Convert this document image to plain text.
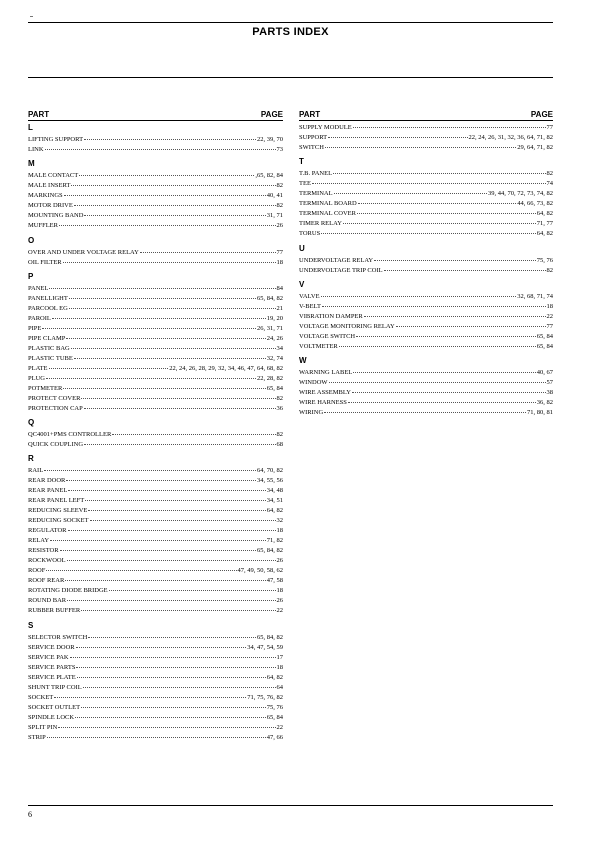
PARTS INDEX
PART	PAGE
L
LIFTING SUPPORT	22, 39, 70
LINK	73
M
MALE CONTACT	,65, 82, 84
MALE INSERT	82
MARKINGS	40, 41
MOTOR DRIVE	82
MOUNTING BAND	31, 71
MUFFLER	26
O
OVER AND UNDER VOLTAGE RELAY	77
OIL FILTER	18
P
PANEL	84
PANELLIGHT	65, 84, 82
PARCOOL EG	21
PAROIL	19, 20
PIPE	26, 31, 71
PIPE CLAMP	24, 26
PLASTIC BAG	34
PLASTIC TUBE	32, 74
PLATE	22, 24, 26, 28, 29, 32, 34, 46, 47, 64, 68, 82
PLUG	22, 28, 82
POTMETER	65, 84
PROTECT COVER	82
PROTECTION CAP	36
Q
QC4001+PMS CONTROLLER	82
QUICK COUPLING	68
R
RAIL	64, 70, 82
REAR DOOR	34, 55, 56
REAR PANEL	34, 48
REAR PANEL LEFT	34, 51
REDUCING SLEEVE	64, 82
REDUCING SOCKET	32
REGULATOR	18
RELAY	71, 82
RESISTOR	65, 84, 82
ROCKWOOL	26
ROOF	47, 49, 50, 58, 62
ROOF REAR	47, 58
ROTATING DIODE BRIDGE	18
ROUND BAR	26
RUBBER BUFFER	22
S
SELECTOR SWITCH	65, 84, 82
SERVICE DOOR	34, 47, 54, 59
SERVICE PAK	17
SERVICE PARTS	18
SERVICE PLATE	64, 82
SHUNT TRIP COIL	64
SOCKET	71, 75, 76, 82
SOCKET OUTLET	75, 76
SPINDLE LOCK	65, 84
SPLIT PIN	22
STRIP	47, 66
PART	PAGE
SUPPLY MODULE	77
SUPPORT	22, 24, 26, 31, 32, 36, 64, 71, 82
SWITCH	29, 64, 71, 82
T
T.B. PANEL	82
TEE	74
TERMINAL	39, 44, 70, 72, 73, 74, 82
TERMINAL BOARD	44, 66, 73, 82
TERMINAL COVER	64, 82
TIMER RELAY	71, 77
TORUS	64, 82
U
UNDERVOLTAGE RELAY	75, 76
UNDERVOLTAGE TRIP COIL	82
V
VALVE	32, 68, 71, 74
V-BELT	18
VIBRATION DAMPER	22
VOLTAGE MONITORING RELAY	77
VOLTAGE SWITCH	65, 84
VOLTMETER	65, 84
W
WARNING LABEL	40, 67
WINDOW	57
WIRE ASSEMBLY	38
WIRE HARNESS	36, 82
WIRING	71, 80, 81
6
